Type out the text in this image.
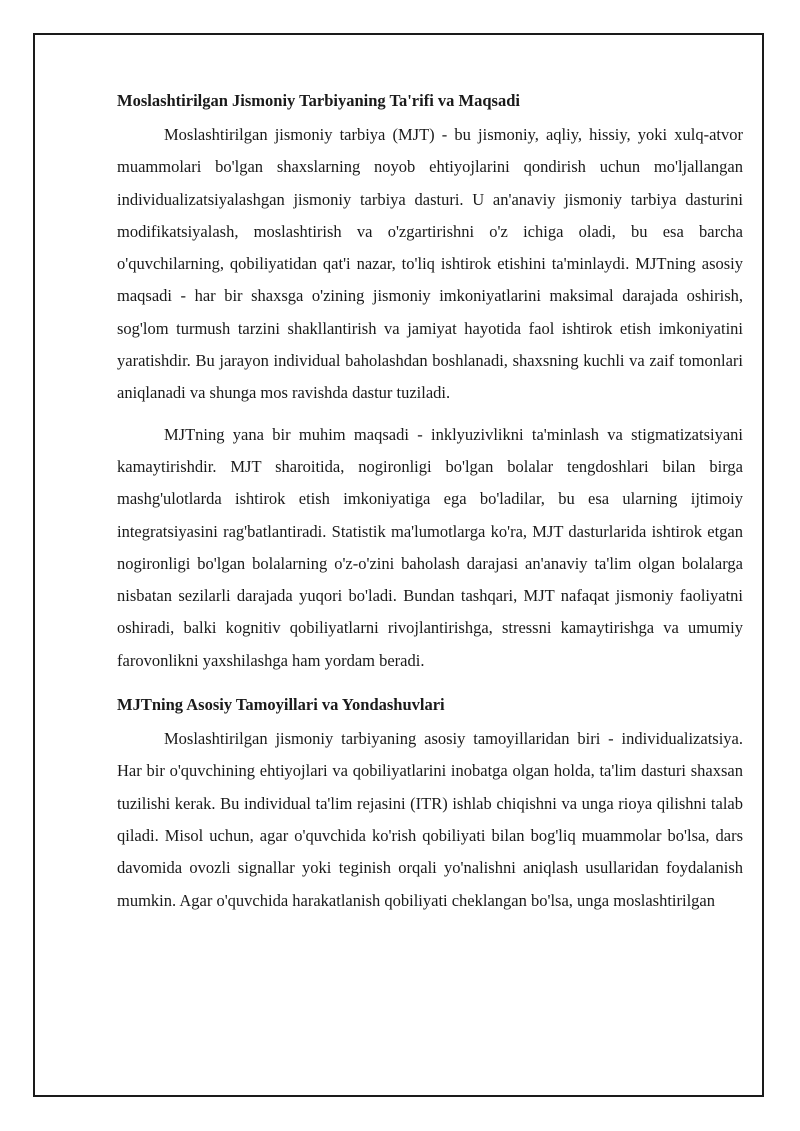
Moslashtirilgan Jismoniy Tarbiyaning Ta'rifi va Maqsadi

Moslashtirilgan jismoniy tarbiya (MJT) - bu jismoniy, aqliy, hissiy, yoki xulq-atvor muammolari bo'lgan shaxslarning noyob ehtiyojlarini qondirish uchun mo'ljallangan individualizatsiyalashgan jismoniy tarbiya dasturi. U an'anaviy jismoniy tarbiya dasturini modifikatsiyalash, moslashtirish va o'zgartirishni o'z ichiga oladi, bu esa barcha o'quvchilarning, qobiliyatidan qat'i nazar, to'liq ishtirok etishini ta'minlaydi. MJTning asosiy maqsadi - har bir shaxsga o'zining jismoniy imkoniyatlarini maksimal darajada oshirish, sog'lom turmush tarzini shakllantirish va jamiyat hayotida faol ishtirok etish imkoniyatini yaratishdir. Bu jarayon individual baholashdan boshlanadi, shaxsning kuchli va zaif tomonlari aniqlanadi va shunga mos ravishda dastur tuziladi.

MJTning yana bir muhim maqsadi - inklyuzivlikni ta'minlash va stigmatizatsiyani kamaytirishdir. MJT sharoitida, nogironligi bo'lgan bolalar tengdoshlari bilan birga mashg'ulotlarda ishtirok etish imkoniyatiga ega bo'ladilar, bu esa ularning ijtimoiy integratsiyasini rag'batlantiradi. Statistik ma'lumotlarga ko'ra, MJT dasturlarida ishtirok etgan nogironligi bo'lgan bolalarning o'z-o'zini baholash darajasi an'anaviy ta'lim olgan bolalarga nisbatan sezilarli darajada yuqori bo'ladi. Bundan tashqari, MJT nafaqat jismoniy faoliyatni oshiradi, balki kognitiv qobiliyatlarni rivojlantirishga, stressni kamaytirishga va umumiy farovonlikni yaxshilashga ham yordam beradi.

MJTning Asosiy Tamoyillari va Yondashuvlari

Moslashtirilgan jismoniy tarbiyaning asosiy tamoyillaridan biri - individualizatsiya. Har bir o'quvchining ehtiyojlari va qobiliyatlarini inobatga olgan holda, ta'lim dasturi shaxsan tuzilishi kerak. Bu individual ta'lim rejasini (ITR) ishlab chiqishni va unga rioya qilishni talab qiladi. Misol uchun, agar o'quvchida ko'rish qobiliyati bilan bog'liq muammolar bo'lsa, dars davomida ovozli signallar yoki teginish orqali yo'nalishni aniqlash usullaridan foydalanish mumkin. Agar o'quvchida harakatlanish qobiliyati cheklangan bo'lsa, unga moslashtirilgan
